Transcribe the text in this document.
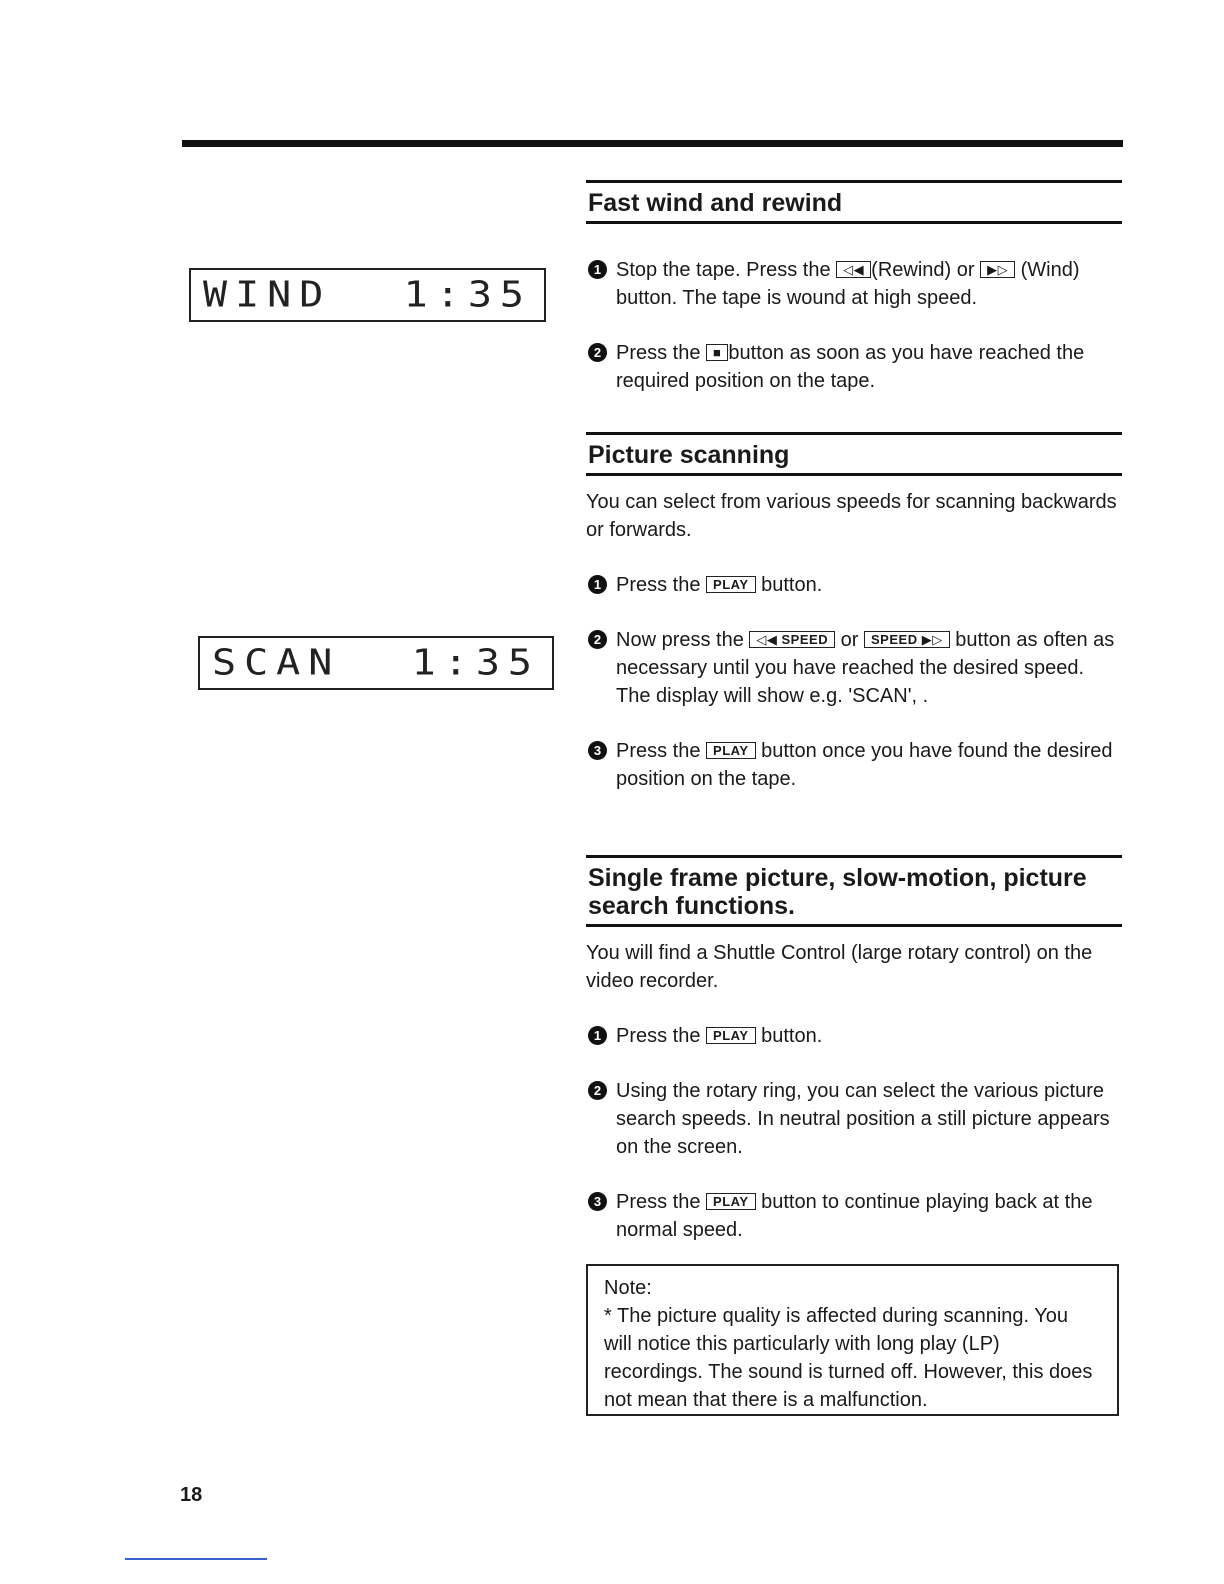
WIND 1:35
SCAN 1:35
Fast wind and rewind
1 Stop the tape. Press the ◁◀ (Rewind) or ▶▷ (Wind) button. The tape is wound at high speed.
2 Press the ■ button as soon as you have reached the required position on the tape.
Picture scanning

You can select from various speeds for scanning backwards or forwards.

1 Press the PLAY button.
2 Now press the ◁◀ SPEED or SPEED ▶▷ button as often as necessary until you have reached the desired speed.
The display will show e.g. 'SCAN', .
3 Press the PLAY button once you have found the desired position on the tape.
Single frame picture, slow-motion, picture search functions.

You will find a Shuttle Control (large rotary control) on the video recorder.

1 Press the PLAY button.
2 Using the rotary ring, you can select the various picture search speeds. In neutral position a still picture appears on the screen.
3 Press the PLAY button to continue playing back at the normal speed.
Note:
* The picture quality is affected during scanning. You will notice this particularly with long play (LP) recordings. The sound is turned off. However, this does not mean that there is a malfunction.
18
